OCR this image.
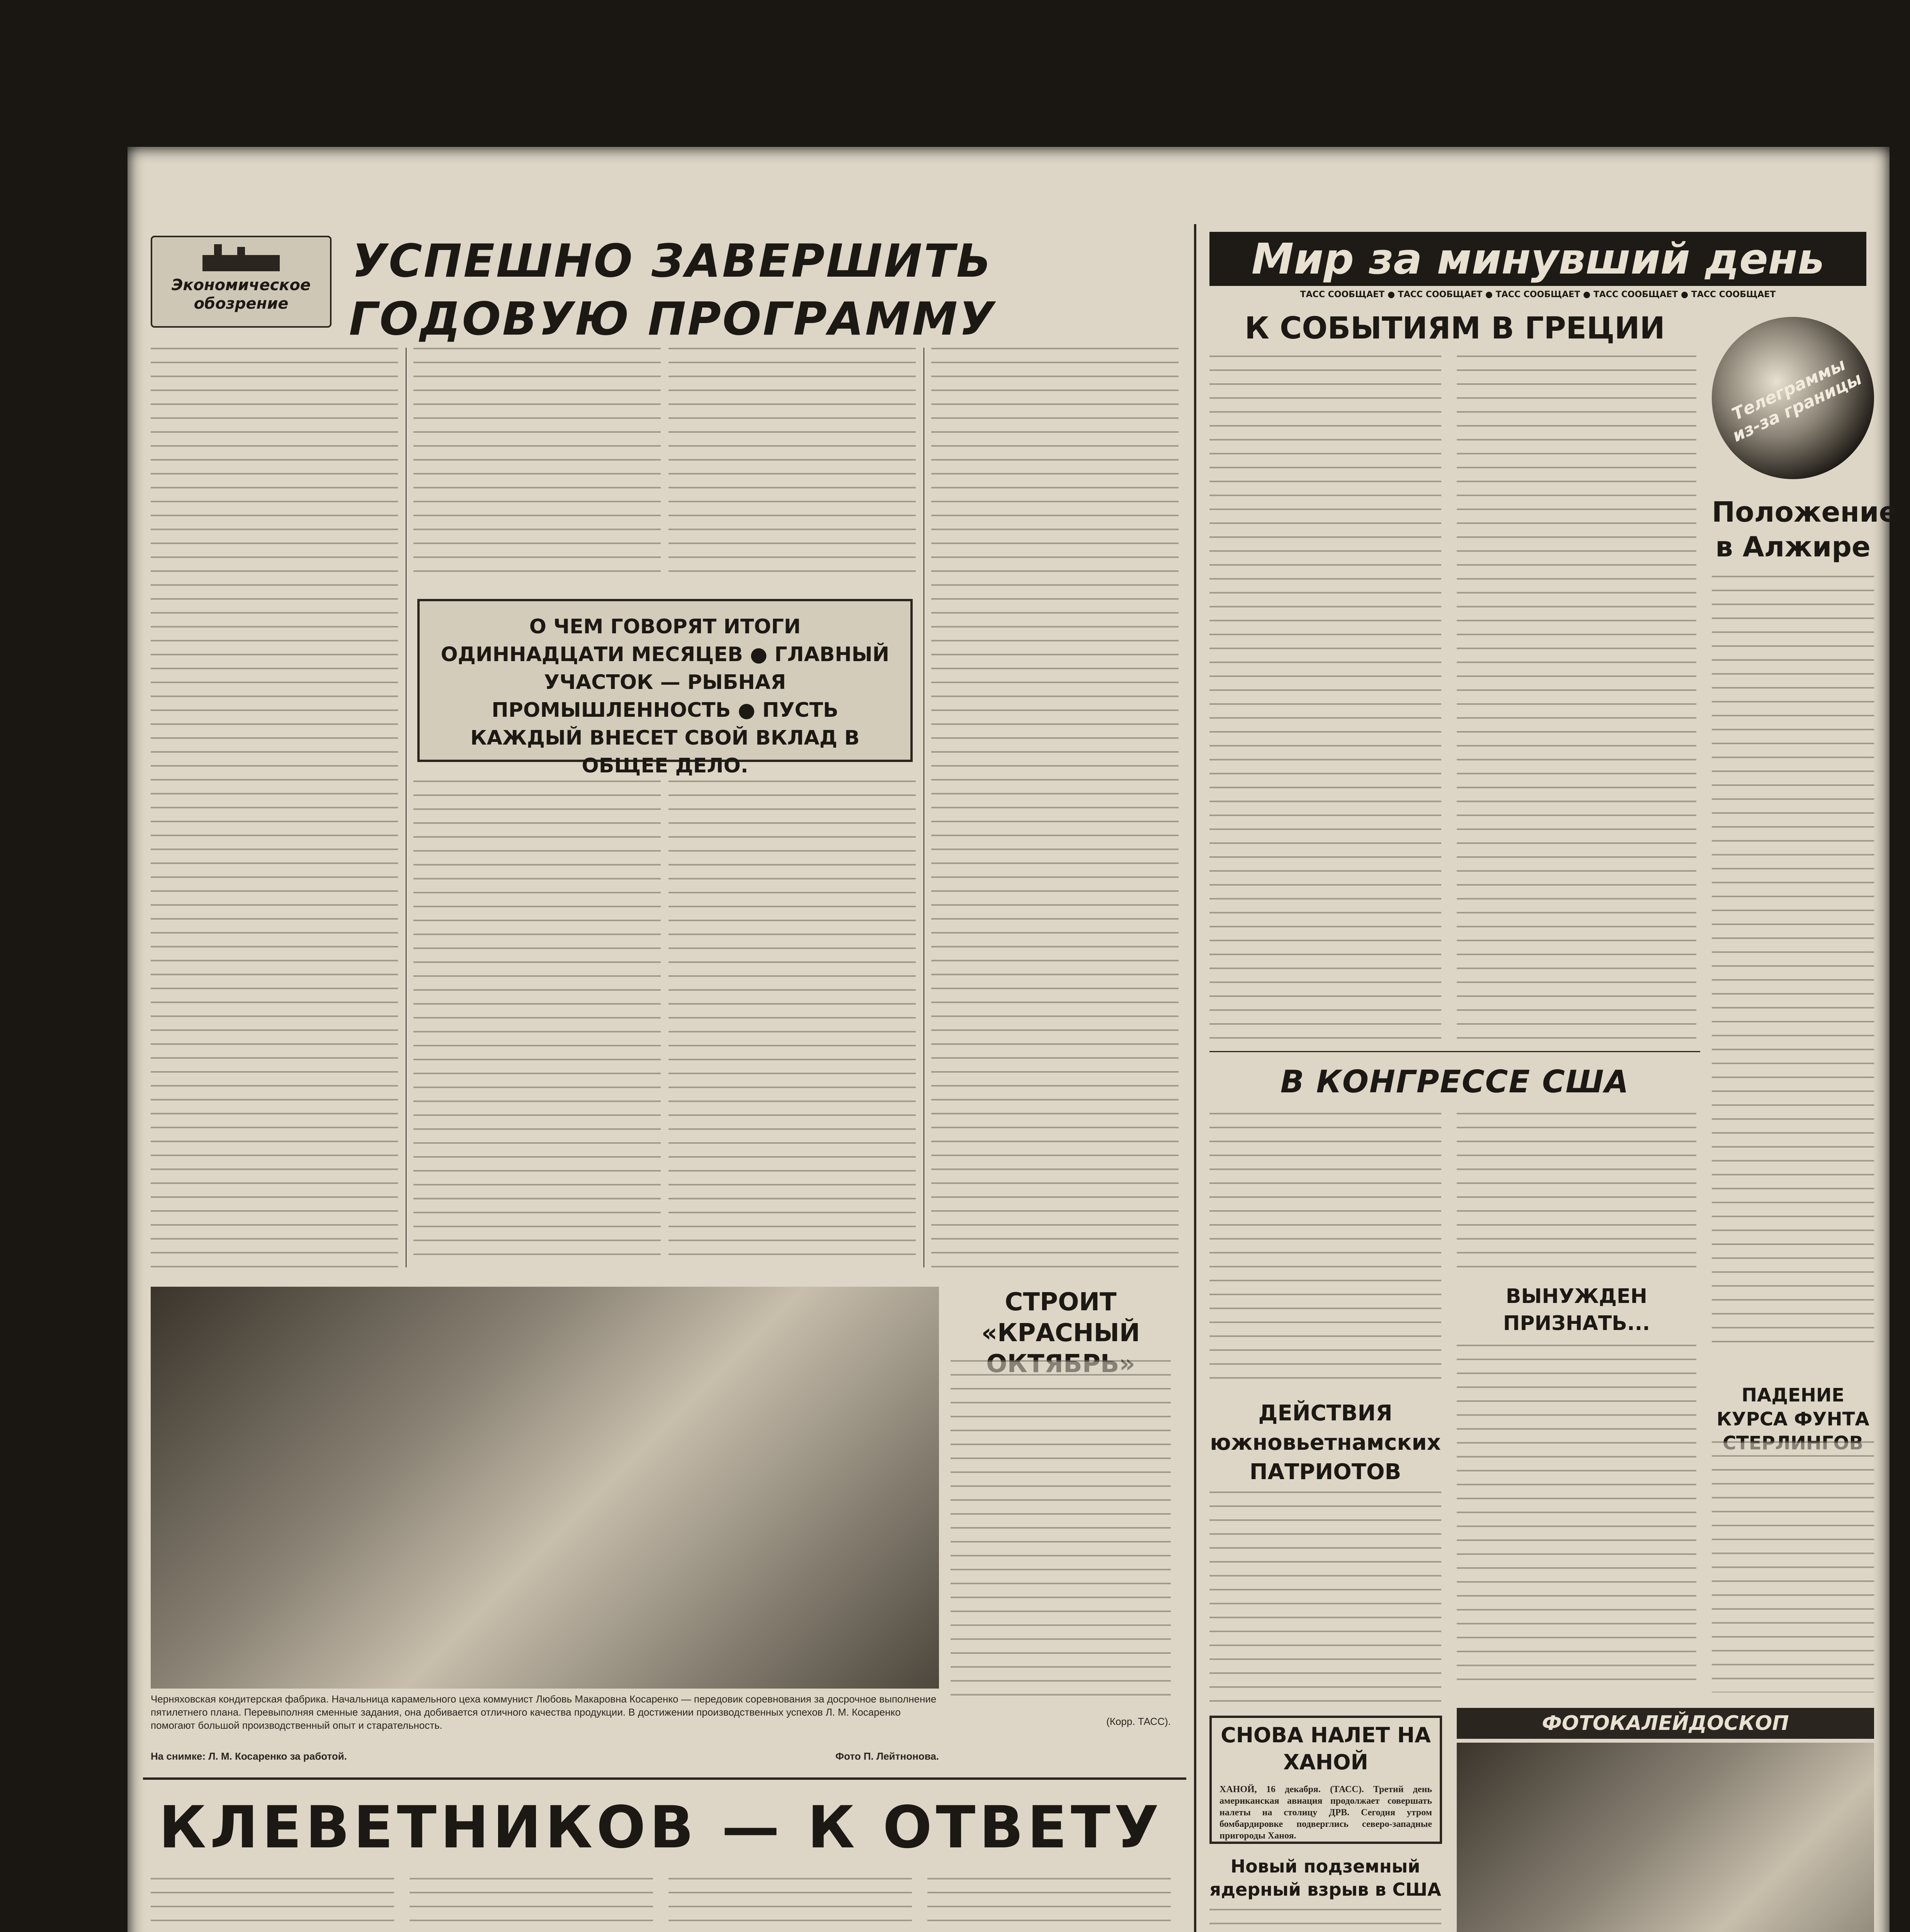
Экономическое обозрение
УСПЕШНО ЗАВЕРШИТЬ ГОДОВУЮ ПРОГРАММУ
О ЧЕМ ГОВОРЯТ ИТОГИ ОДИННАДЦАТИ МЕСЯЦЕВ ● ГЛАВНЫЙ УЧАСТОК — РЫБНАЯ ПРОМЫШЛЕННОСТЬ ● ПУСТЬ КАЖДЫЙ ВНЕСЕТ СВОЙ ВКЛАД В ОБЩЕЕ ДЕЛО.
Черняховская кондитерская фабрика. Начальница карамельного цеха коммунист Любовь Макаровна Косаренко — передовик соревнования за досрочное выполнение пятилетнего плана. Перевыполняя сменные задания, она добивается отличного качества продукции. В достижении производственных успехов Л. М. Косаренко помогают большой производственный опыт и старательность.
На снимке: Л. М. Косаренко за работой.	Фото П. Лейтнонова.
СТРОИТ «КРАСНЫЙ
(Корр. ТАСС).
КЛЕВЕТНИКОВ — К ОТВЕТУ
Мир за минувший день
ТАСС СООБЩАЕТ ● ТАСС СООБЩАЕТ ● ТАСС СООБЩАЕТ ● ТАСС СООБЩАЕТ ● ТАСС СООБЩАЕТ
К СОБЫТИЯМ В ГРЕЦИИ
Телеграммы из-за границы
Положение в Алжире
В КОНГРЕССЕ США
ВЫНУЖДЕН ПРИЗНАТЬ...
ДЕЙСТВИЯ южновьетнамских ПАТРИОТОВ
СНОВА НАЛЕТ НА ХАНОЙ
ХАНОЙ, 16 декабря. (ТАСС). Третий день американская авиация продолжает совершать налеты на столицу ДРВ. Сегодня утром бомбардировке подверглись северо-западные пригороды Ханоя.
Новый подземный ядерный взрыв в США
ПАДЕНИЕ КУРСА ФУНТА
ФОТОКАЛЕЙДОСКОП
